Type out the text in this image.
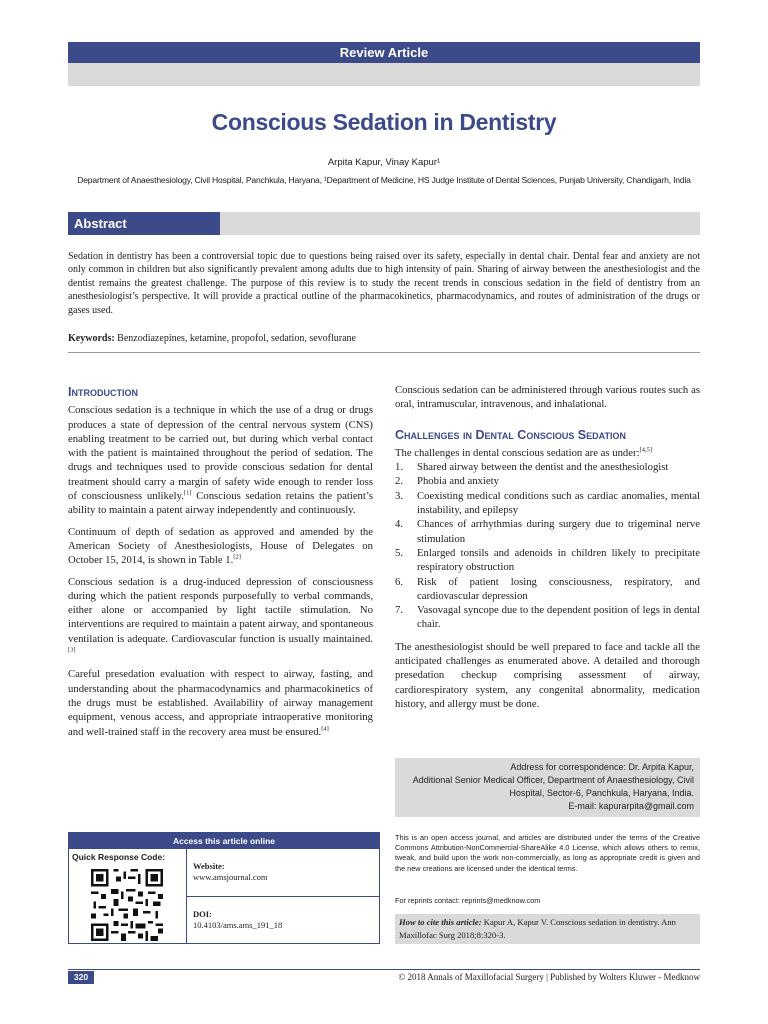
Review Article
Conscious Sedation in Dentistry
Arpita Kapur, Vinay Kapur¹
Department of Anaesthesiology, Civil Hospital, Panchkula, Haryana, ¹Department of Medicine, HS Judge Institute of Dental Sciences, Punjab University, Chandigarh, India
Abstract

Sedation in dentistry has been a controversial topic due to questions being raised over its safety, especially in dental chair. Dental fear and anxiety are not only common in children but also significantly prevalent among adults due to high intensity of pain. Sharing of airway between the anesthesiologist and the dentist remains the greatest challenge. The purpose of this review is to study the recent trends in conscious sedation in the field of dentistry from an anesthesiologist’s perspective. It will provide a practical outline of the pharmacokinetics, pharmacodynamics, and routes of administration of the drugs or gases used.

Keywords: Benzodiazepines, ketamine, propofol, sedation, sevoflurane
Introduction

Conscious sedation is a technique in which the use of a drug or drugs produces a state of depression of the central nervous system (CNS) enabling treatment to be carried out, but during which verbal contact with the patient is maintained throughout the period of sedation. The drugs and techniques used to provide conscious sedation for dental treatment should carry a margin of safety wide enough to render loss of consciousness unlikely.[1] Conscious sedation retains the patient’s ability to maintain a patent airway independently and continuously.

Continuum of depth of sedation as approved and amended by the American Society of Anesthesiologists, House of Delegates on October 15, 2014, is shown in Table 1.[2]

Conscious sedation is a drug-induced depression of consciousness during which the patient responds purposefully to verbal commands, either alone or accompanied by light tactile stimulation. No interventions are required to maintain a patent airway, and spontaneous ventilation is adequate. Cardiovascular function is usually maintained.[3]

Careful presedation evaluation with respect to airway, fasting, and understanding about the pharmacodynamics and pharmacokinetics of the drugs must be established. Availability of airway management equipment, venous access, and appropriate intraoperative monitoring and well-trained staff in the recovery area must be ensured.[4]

Conscious sedation can be administered through various routes such as oral, intramuscular, intravenous, and inhalational.

Challenges in Dental Conscious Sedation
The challenges in dental conscious sedation are as under:[4,5]
1. Shared airway between the dentist and the anesthesiologist
2. Phobia and anxiety
3. Coexisting medical conditions such as cardiac anomalies, mental instability, and epilepsy
4. Chances of arrhythmias during surgery due to trigeminal nerve stimulation
5. Enlarged tonsils and adenoids in children likely to precipitate respiratory obstruction
6. Risk of patient losing consciousness, respiratory, and cardiovascular depression
7. Vasovagal syncope due to the dependent position of legs in dental chair.

The anesthesiologist should be well prepared to face and tackle all the anticipated challenges as enumerated above. A detailed and thorough presedation checkup comprising assessment of airway, cardiorespiratory system, any congenital abnormality, medication history, and allergy must be done.

Address for correspondence: Dr. Arpita Kapur,
Additional Senior Medical Officer, Department of Anaesthesiology, Civil
Hospital, Sector-6, Panchkula, Haryana, India.
E-mail: kapurarpita@gmail.com
Access this article online
Quick Response Code:
Website:
www.amsjournal.com
DOI:
10.4103/ams.ams_191_18

This is an open access journal, and articles are distributed under the terms of the Creative Commons Attribution-NonCommercial-ShareAlike 4.0 License, which allows others to remix, tweak, and build upon the work non-commercially, as long as appropriate credit is given and the new creations are licensed under the identical terms.

For reprints contact: reprints@medknow.com
How to cite this article: Kapur A, Kapur V. Conscious sedation in dentistry. Ann Maxillofac Surg 2018;8:320-3.
320	© 2018 Annals of Maxillofacial Surgery | Published by Wolters Kluwer - Medknow
